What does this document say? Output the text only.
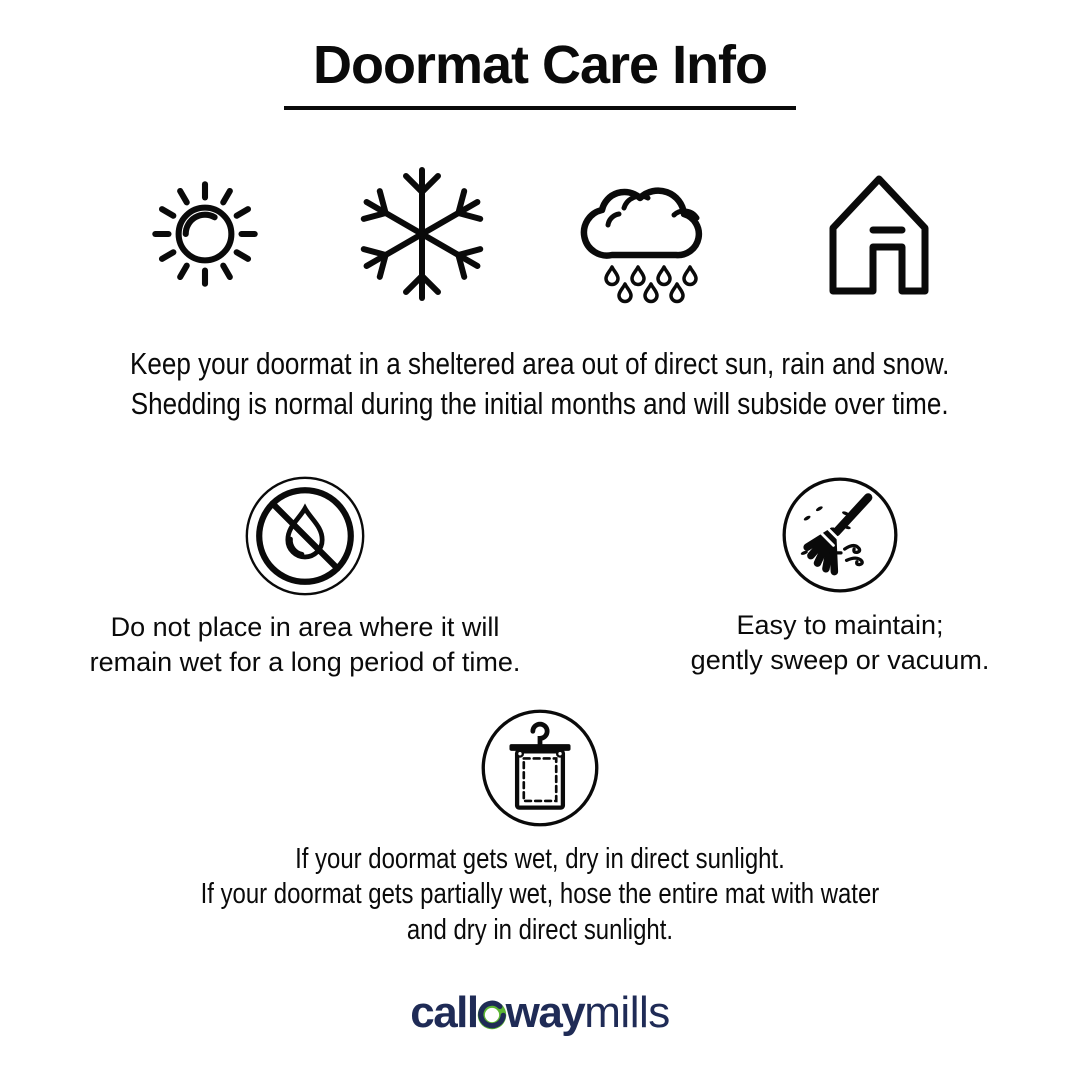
Doormat Care Info
Keep your doormat in a sheltered area out of direct sun, rain and snow.
Shedding is normal during the initial months and will subside over time.
Do not place in area where it will
remain wet for a long period of time.
Easy to maintain;
gently sweep or vacuum.
If your doormat gets wet, dry in direct sunlight.
If your doormat gets partially wet, hose the entire mat with water
and dry in direct sunlight.
call waymills
